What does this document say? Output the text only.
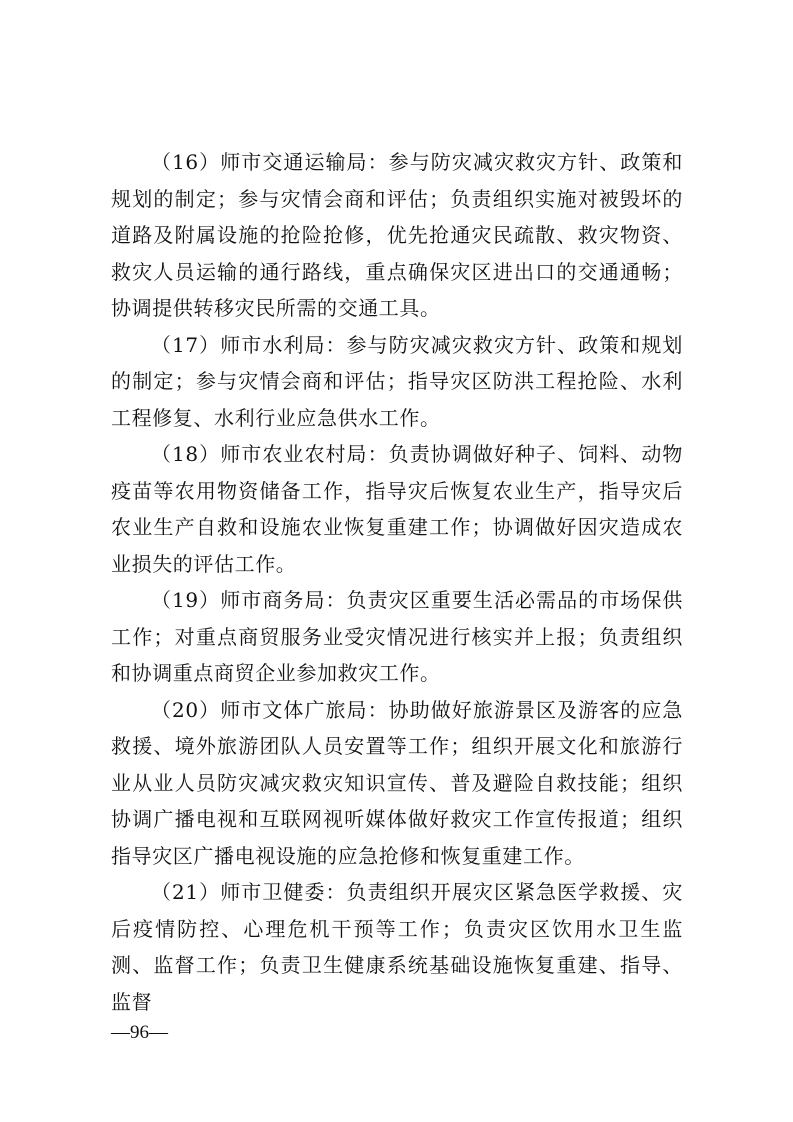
（16）师市交通运输局：参与防灾减灾救灾方针、政策和规划的制定；参与灾情会商和评估；负责组织实施对被毁坏的道路及附属设施的抢险抢修，优先抢通灾民疏散、救灾物资、救灾人员运输的通行路线，重点确保灾区进出口的交通通畅；协调提供转移灾民所需的交通工具。

（17）师市水利局：参与防灾减灾救灾方针、政策和规划的制定；参与灾情会商和评估；指导灾区防洪工程抢险、水利工程修复、水利行业应急供水工作。

（18）师市农业农村局：负责协调做好种子、饲料、动物疫苗等农用物资储备工作，指导灾后恢复农业生产，指导灾后农业生产自救和设施农业恢复重建工作；协调做好因灾造成农业损失的评估工作。

（19）师市商务局：负责灾区重要生活必需品的市场保供工作；对重点商贸服务业受灾情况进行核实并上报；负责组织和协调重点商贸企业参加救灾工作。

（20）师市文体广旅局：协助做好旅游景区及游客的应急救援、境外旅游团队人员安置等工作；组织开展文化和旅游行业从业人员防灾减灾救灾知识宣传、普及避险自救技能；组织协调广播电视和互联网视听媒体做好救灾工作宣传报道；组织指导灾区广播电视设施的应急抢修和恢复重建工作。

（21）师市卫健委：负责组织开展灾区紧急医学救援、灾后疫情防控、心理危机干预等工作；负责灾区饮用水卫生监测、监督工作；负责卫生健康系统基础设施恢复重建、指导、监督

—96—
